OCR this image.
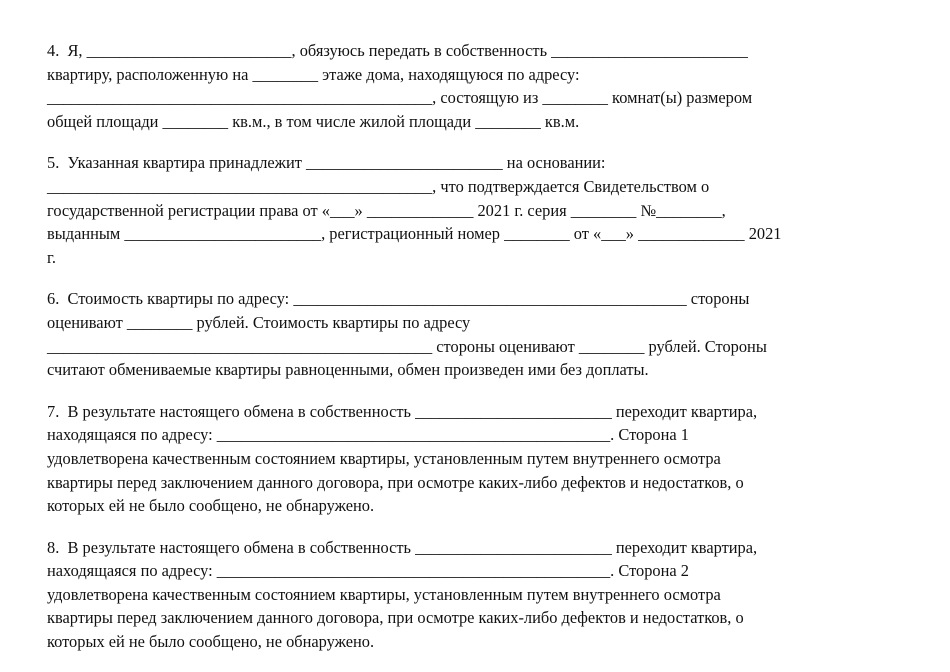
4.  Я, _________________________, обязуюсь передать в собственность ________________________
квартиру, расположенную на ________ этаже дома, находящуюся по адресу:
_______________________________________________, состоящую из ________ комнат(ы) размером
общей площади ________ кв.м., в том числе жилой площади ________ кв.м.
5.  Указанная квартира принадлежит ________________________ на основании:
_______________________________________________, что подтверждается Свидетельством о
государственной регистрации права от «___» _____________ 2021 г. серия ________ №________,
выданным ________________________, регистрационный номер ________ от «___» _____________ 2021
г.
6.  Стоимость квартиры по адресу: ________________________________________________ стороны
оценивают ________ рублей. Стоимость квартиры по адресу
_______________________________________________ стороны оценивают ________ рублей. Стороны
считают обмениваемые квартиры равноценными, обмен произведен ими без доплаты.
7.  В результате настоящего обмена в собственность ________________________ переходит квартира,
находящаяся по адресу: ________________________________________________. Сторона 1
удовлетворена качественным состоянием квартиры, установленным путем внутреннего осмотра
квартиры перед заключением данного договора, при осмотре каких-либо дефектов и недостатков, о
которых ей не было сообщено, не обнаружено.
8.  В результате настоящего обмена в собственность ________________________ переходит квартира,
находящаяся по адресу: ________________________________________________. Сторона 2
удовлетворена качественным состоянием квартиры, установленным путем внутреннего осмотра
квартиры перед заключением данного договора, при осмотре каких-либо дефектов и недостатков, о
которых ей не было сообщено, не обнаружено.
